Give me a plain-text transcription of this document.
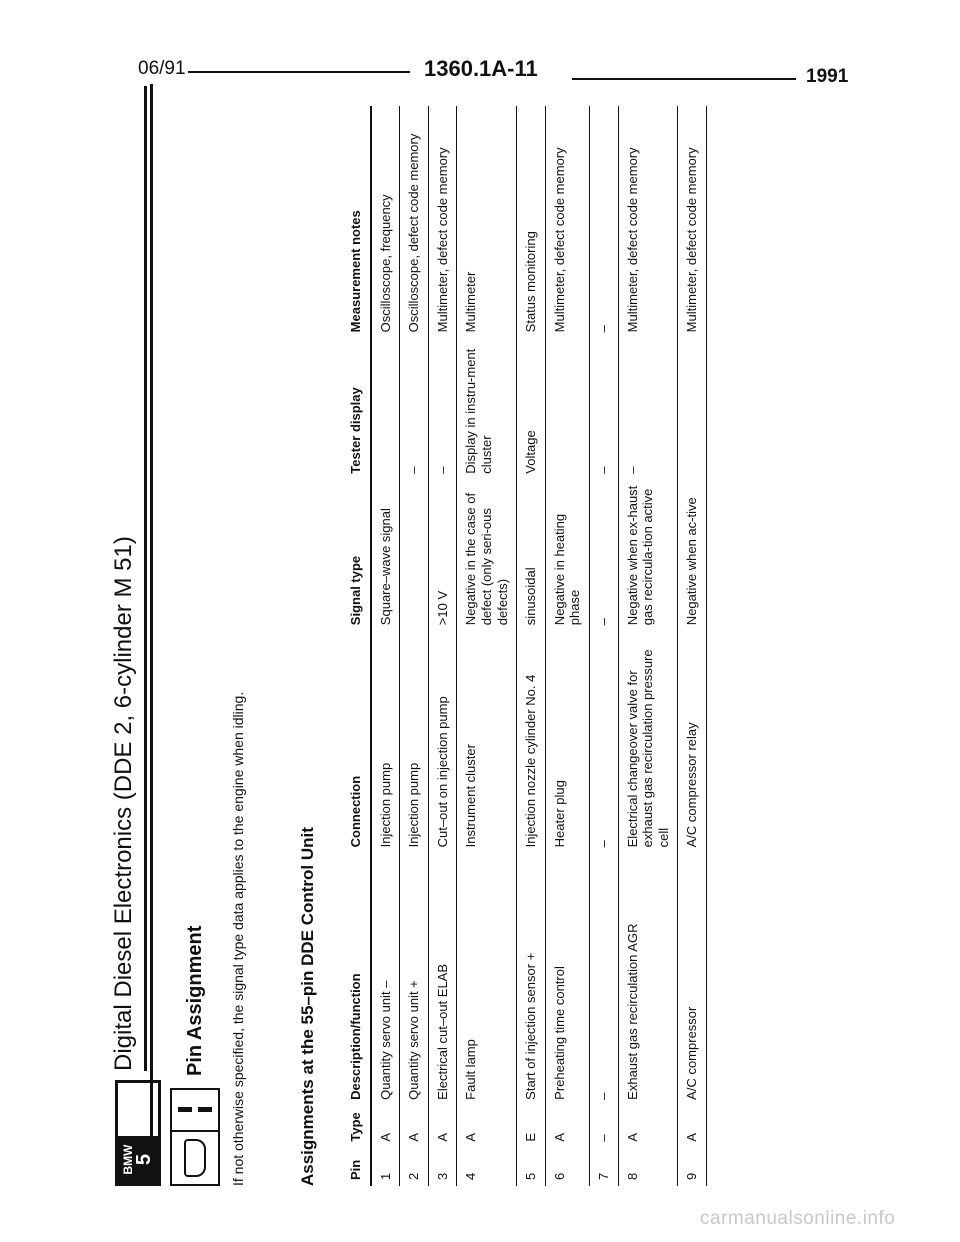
06/91	1360.1A-11	1991
BMW
5
Digital Diesel Electronics (DDE 2, 6-cylinder M 51) Pin Assignment If not otherwise specified, the signal type data applies to the engine when idling.	Assignments at the 55–pin DDE Control Unit Pin	Type	Description/function	Connection	Signal type	Tester display	Measurement notes
1	A	Quantity servo unit –	Injection pump	Square–wave signal		Oscilloscope, frequency
2	A	Quantity servo unit +	Injection pump		–	Oscilloscope, defect code memory
3	A	Electrical cut–out ELAB	Cut–out on injection pump	>10 V	–	Multimeter, defect code memory
4	A	Fault lamp	Instrument cluster	Negative in the case of defect (only seri-ous defects)	Display in instru-ment cluster	Multimeter
5	E	Start of injection sensor +	Injection nozzle cylinder No. 4	sinusoidal	Voltage	Status monitoring
6	A	Preheating time control	Heater plug	Negative in heating phase		Multimeter, defect code memory
7	–	–	–	–	–	–
8	A	Exhaust gas recirculation AGR	Electrical changeover valve for exhaust gas recirculation pressure cell	Negative when ex-haust gas recircula-tion active	–	Multimeter, defect code memory
9	A	A/C compressor	A/C compressor relay	Negative when ac-tive		Multimeter, defect code memory
carmanualsonline.info
